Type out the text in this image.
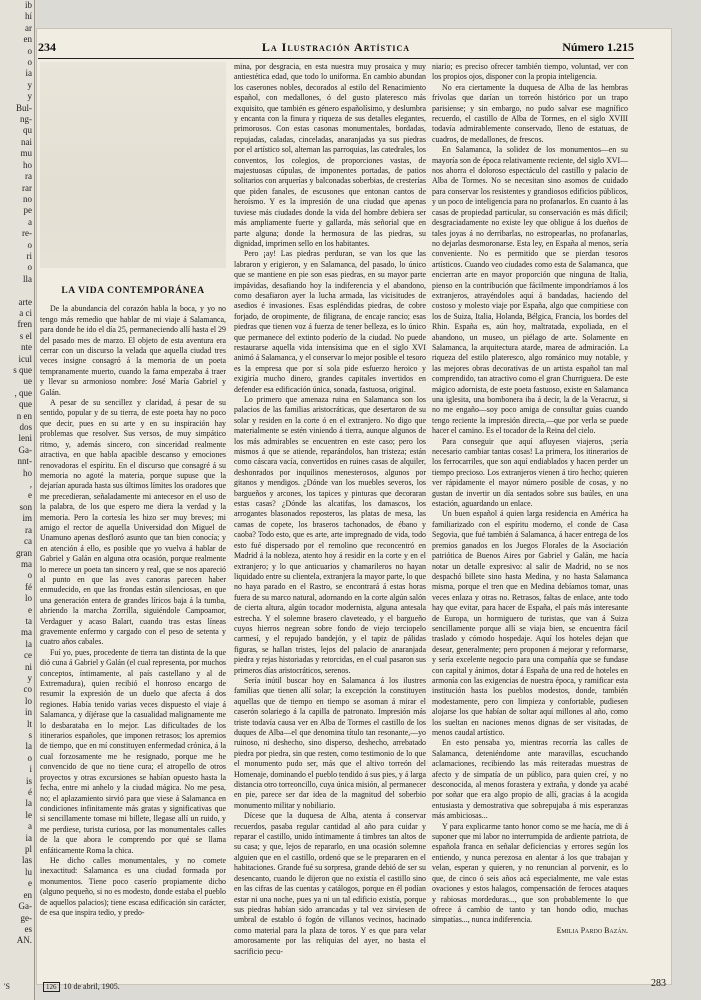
ib
hí
ar
en
o
o
ia
y
y
Bul-
ng-
qu
nai
mu
ho
ra
rar
no
pe
a
re-
o
ri
o
lla

arte
a ci
fren
s el
nte
icul
s que
ue
, que
que
n en
dos
leni
Ga-
nnt-
ho
,
e
son
im
ra
ca
gran
ma
o
fé
lo
e
ta
ma
la
ce
ni
y
co
lo
in
lt
s
la
o
i
is
é
la
le
a
ia
pl
las
lu
e
en
Ga-
ge-
es
AN.
234	La Ilustración Artística	Número 1.215

LA VIDA CONTEMPORÁNEA

De la abundancia del corazón habla la boca, y yo no tengo más remedio que hablar de mi viaje á Salamanca, para donde he ido el día 25, permaneciendo allí hasta el 29 del pasado mes de marzo. El objeto de esta aventura era cerrar con un discurso la velada que aquella ciudad tres veces insigne consagró á la memoria de un poeta tempranamente muerto, cuando la fama empezaba á traer y llevar su armonioso nombre: José María Gabriel y Galán.

A pesar de su sencillez y claridad, á pesar de su sentido, popular y de su tierra, de este poeta hay no poco que decir, pues en su arte y en su inspiración hay problemas que resolver. Sus versos, de muy simpático ritmo, y, además sincero, con sinceridad realmente atractiva, en que habla apacible descanso y emociones renovadoras el espíritu. En el discurso que consagré á su memoria no agoté la materia, porque supuse que la dejarían apurada hasta sus últimos límites los oradores que me precedieran, señaladamente mi antecesor en el uso de la palabra, de los que espero me diera la verdad y la memoria. Pero la cortesía les hizo ser muy breves; mi amigo el rector de aquella Universidad don Miguel de Unamuno apenas desfloró asunto que tan bien conocía; y en atención á ello, es posible que yo vuelva á hablar de Gabriel y Galán en alguna otra ocasión, porque realmente lo merece un poeta tan sincero y real, que se nos apareció al punto en que las aves canoras parecen haber enmudecido, en que las frondas están silenciosas, en que una generación entera de grandes líricos baja á la tumba, abriendo la marcha Zorrilla, siguiéndole Campoamor, Verdaguer y acaso Balart, cuando tras estas líneas gravemente enfermo y cargado con el peso de setenta y cuatro años cabales.

Fuí yo, pues, procedente de tierra tan distinta de la que dió cuna á Gabriel y Galán (el cual representa, por muchos conceptos, íntimamente, al país castellano y al de Extremadura), quien recibió el honroso encargo de resumir la expresión de un duelo que afecta á dos regiones. Había tenido varias veces dispuesto el viaje á Salamanca, y díjérase que la casualidad malignamente me lo desbarataba en lo mejor. Las dificultades de los itinerarios españoles, que imponen retrasos; los apremios de tiempo, que en mí constituyen enfermedad crónica, á la cual forzosamente me he resignado, porque me he convencido de que no tiene cura; el atropello de otros proyectos y otras excursiones se habían opuesto hasta la fecha, entre mi anhelo y la ciudad mágica. No me pesa, no; el aplazamiento sirvió para que viese á Salamanca en condiciones infinitamente más gratas y significativas que si sencillamente tomase mi billete, llegase allí un ruido, y me perdiese, turista curiosa, por las monumentales calles de la que abora le comprendo por qué se llama enfáticamente Roma la chica.

He dicho calles monumentales, y no comete inexactitud: Salamanca es una ciudad formada por monumentos. Tiene poco caserío propiamente dicho (alguno pequeño, si no es modesto, donde estaba el pueblo de aquellos palacios); tiene escasa edificación sin carácter, de esa que inspira tedio, y predo-

mina, por desgracia, en esta nuestra muy prosaica y muy antiestética edad, que todo lo uniforma. En cambio abundan los caserones nobles, decorados al estilo del Renacimiento español, con medallones, ó del gusto plateresco más exquisito, que también es género españolísimo, y deslumbra y encanta con la finura y riqueza de sus detalles elegantes, primorosos. Con estas casonas monumentales, bordadas, repujadas, caladas, cinceladas, anaranjadas ya sus piedras por el artístico sol, alternan las parroquias, las catedrales, los conventos, los colegios, de proporciones vastas, de majestuosas cúpulas, de imponentes portadas, de patios solitarios con arquerías y balconadas soberbias, de cresterías que piden fanales, de escusones que entonan cantos de heroísmo. Y es la impresión de una ciudad que apenas tuviese más ciudades donde la vida del hombre debiera ser más ampliamente fuerte y gallarda, más señorial que en parte alguna; donde la hermosura de las piedras, su dignidad, imprimen sello en los habitantes.

Pero ¡ay! Las piedras perduran, se van los que las labraron y erigieron, y en Salamanca, del pasado, lo único que se mantiene en pie son esas piedras, en su mayor parte impávidas, desafiando hoy la indiferencia y el abandono, como desafiaron ayer la lucha armada, las vicisitudes de asedios é invasiones. Esas espléndidas piedras, de cobre forjado, de oropimente, de filigrana, de encaje rancio; esas piedras que tienen voz á fuerza de tener belleza, es lo único que permanece del extinto poderío de la ciudad. No puede restaurarse aquella vida intensísima que en el siglo XVI animó á Salamanca, y el conservar lo mejor posible el tesoro es la empresa que por sí sola pide esfuerzo heroico y exigiría mucho dinero, grandes capitales invertidos en defender esa edificación única, sonada, fastuosa, original.

Lo primero que amenaza ruina en Salamanca son los palacios de las familias aristocráticas, que desertaron de su solar y residen en la corte ó en el extranjero. No digo que materialmente se estén viniendo á tierra, aunque algunos de los más admirables se encuentren en este caso; pero los mismos á que se atiende, reparándolos, han tristeza; están como cáscara vacía, convertidos en ruines casas de alquiler, deshonrados por inquilinos menesterosos, algunos por gitanos y mendigos. ¿Dónde van los muebles severos, los bargueños y arcones, los tapices y pinturas que decoraran estas casas? ¿Dónde las alcatifas, los damascos, los arrogantes blasonados reposteros, las platas de mesa, las camas de copete, los braseros tachonados, de ébano y caoba? Todo esto, que es arte, arte impregnado de vida, todo esto fué dispersado por el remolino que reconcentró en Madrid á la nobleza, atento hoy á residir en la corte y en el extranjero; y lo que anticuarios y chamarileros no hayan liquidado entre su clientela, extranjera la mayor parte, lo que no haya parado en el Rastro, se encontrará á estas horas fuera de su marco natural, adornando en la corte algún salón de cierta altura, algún tocador modernista, alguna antesala estrecha. Y el solemne brasero claveteado, y el bargueño cuyos hierros negrean sobre fondo de viejo terciopelo carmesí, y el repujado bandejón, y el tapiz de pálidas figuras, se hallan tristes, lejos del palacio de anaranjada piedra y rejas historiadas y retorcidas, en el cual pasaron sus primeros días aristocráticos, serenos.

Sería inútil buscar hoy en Salamanca á los ilustres familias que tienen allí solar; la excepción la constituyen aquellas que de tiempo en tiempo se asoman á mirar el caserón solariego á la capilla de patronato. Impresión más triste todavía causa ver en Alba de Tormes el castillo de los duques de Alba—el que denomina título tan resonante,—yo ruinoso, ni deshecho, sino disperso, deshecho, arrebatado piedra por piedra, sin que resten, como testimonio de lo que el monumento pudo ser, más que el altivo torreón del Homenaje, dominando el pueblo tendido á sus pies, y á larga distancia otro torreoncillo, cuya única misión, al permanecer en pie, parece ser dar idea de la magnitud del soberbio monumento militar y nobiliario.

Dícese que la duquesa de Alba, atenta á conservar recuerdos, pasaba regular cantidad al año para cuidar y reparar el castillo, unido íntimamente á timbres tan altos de su casa; y que, lejos de repararlo, en una ocasión solemne alguien que en el castillo, ordenó que se le prepararen en el habitaciones. Grande fué su sorpresa, grande debió de ser su desencanto, cuando le dijeron que no existía el castillo sino en las cifras de las cuentas y catálogos, porque en él podían estar ni una noche, pues ya ni un tal edificio existía, porque sus piedras habían sido arrancadas y tal vez sirviesen de umbral de establo ó fogón de villanos vecinos, hacinado como material para la plaza de toros. Y es que para velar amorosamente por las reliquias del ayer, no basta el sacrificio pecu-

niario; es preciso ofrecer también tiempo, voluntad, ver con los propios ojos, disponer con la propia inteligencia.

No era ciertamente la duquesa de Alba de las hembras frívolas que darían un torreón histórico por un trapo parisiense; y sin embargo, no pudo salvar ese magnífico recuerdo, el castillo de Alba de Tormes, en el siglo XVIII todavía admirablemente conservado, lleno de estatuas, de cuadros, de medallones, de frescos.

En Salamanca, la solidez de los monumentos—en su mayoría son de época relativamente reciente, del siglo XVI—nos ahorra el doloroso espectáculo del castillo y palacio de Alba de Tormes. No se necesitan sino asomos de cuidado para conservar los resistentes y grandiosos edificios públicos, y un poco de inteligencia para no profanarlos. En cuanto á las casas de propiedad particular, su conservación es más difícil; desgraciadamente no existe ley que obligue á los dueños de tales joyas á no derribarlas, no estropearlas, no profanarlas, no dejarlas desmoronarse. Esta ley, en España al menos, sería conveniente. No es permitido que se pierdan tesoros artísticos. Cuando veo ciudades como esta de Salamanca, que encierran arte en mayor proporción que ninguna de Italia, pienso en la contribución que fácilmente impondríamos á los extranjeros, atrayéndoles aquí á bandadas, haciendo del costoso y molesto viaje por España, algo que compitiese con los de Suiza, Italia, Holanda, Bélgica, Francia, los bordes del Rhin. España es, aún hoy, maltratada, expoliada, en el abandono, un museo, un piélago de arte. Solamente en Salamanca, la arquitectura atarde, marea de admiración. La riqueza del estilo plateresco, algo románico muy notable, y las mejores obras decorativas de un artista español tan mal comprendido, tan atractivo como el gran Churriguera. De este mágico adornista, de este poeta fastuoso, existe en Salamanca una iglesita, una bombonera iba á decir, la de la Veracruz, si no me engaño—soy poco amiga de consultar guías cuando tengo reciente la impresión directa,—que por verla se puede hacer el camino. Es el tocador de la Reina del cielo.

Para conseguir que aquí afluyesen viajeros, ¡sería necesario cambiar tantas cosas! La primera, los itinerarios de los ferrocarriles, que son aquí endiablados y hacen perder un tiempo precioso. Los extranjeros vienen á tiro hecho; quieren ver rápidamente el mayor número posible de cosas, y no gustan de invertir un día sentados sobre sus baúles, en una estación, aguardando un enlace.

Un buen español á quien larga residencia en América ha familiarizado con el espíritu moderno, el conde de Casa Segovia, que fué también á Salamanca, á hacer entrega de los premios ganados en los Juegos Florales de la Asociación patriótica de Buenos Aires por Gabriel y Galán, me hacía notar un detalle expresivo: al salir de Madrid, no se nos despachó billete sino hasta Medina, y no hasta Salamanca misma, porque el tren que en Medina debíamos tomar, unas veces enlaza y otras no. Retrasos, faltas de enlace, ante todo hay que evitar, para hacer de España, el país más interesante de Europa, un hormiguero de turistas, que van á Suiza sencillamente porque allí se viaja bien, se encuentra fácil traslado y cómodo hospedaje. Aquí los hoteles dejan que desear, generalmente; pero proponen á mejorar y reformarse, y sería excelente negocio para una compañía que se fundase con capital y ánimos, dotar á España de una red de hoteles en armonía con las exigencias de nuestra época, y ramificar esta institución hasta los pueblos modestos, donde, también modestamente, pero con limpieza y confortable, pudiesen alojarse los que habían de soltar aquí millones al año, como los sueltan en naciones menos dignas de ser visitadas, de menos caudal artístico.

En esto pensaba yo, mientras recorría las calles de Salamanca, deteniéndome ante maravillas, escuchando aclamaciones, recibiendo las más reiteradas muestras de afecto y de simpatía de un público, para quien creí, y no desconocida, al menos forastera y extraña, y donde ya acabé por soñar que era algo propio de allí, gracias á la acogida entusiasta y demostrativa que sobrepujaba á mis esperanzas más ambiciosas...

Y para explicarme tanto honor como se me hacía, me di á suponer que mi labor no interrumpida de ardiente patriota, de española franca en señalar deficiencias y errores según los entiendo, y nunca perezosa en alentar á los que trabajan y velan, esperan y quieren, y no renuncian al porvenir, es lo que, de cinco ó seis años acá especialmente, me vale estas ovaciones y estos halagos, compensación de feroces ataques y rabiosas mordeduras..., que son probablemente lo que ofrece á cambio de tanto y tan hondo odio, muchas simpatías..., nunca indiferencia.

Emilia Pardo Bazán.

'S	126 10 de abril, 1905.	283
